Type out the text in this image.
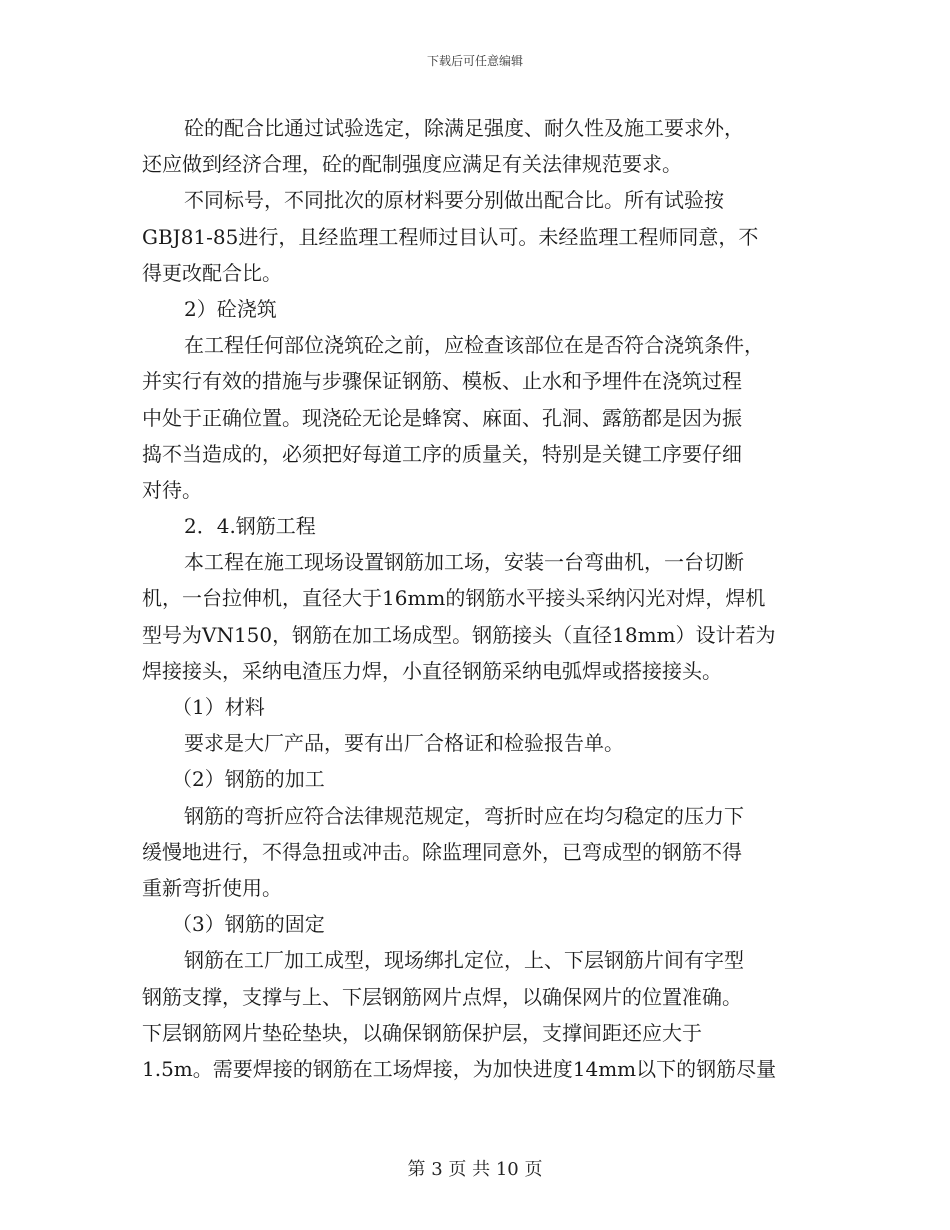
下载后可任意编辑
砼的配合比通过试验选定，除满足强度、耐久性及施工要求外，
还应做到经济合理，砼的配制强度应满足有关法律规范要求。
不同标号，不同批次的原材料要分别做出配合比。所有试验按
GBJ81-85进行，且经监理工程师过目认可。未经监理工程师同意，不
得更改配合比。
2）砼浇筑
在工程任何部位浇筑砼之前，应检查该部位在是否符合浇筑条件，
并实行有效的措施与步骤保证钢筋、模板、止水和予埋件在浇筑过程
中处于正确位置。现浇砼无论是蜂窝、麻面、孔洞、露筋都是因为振
捣不当造成的，必须把好每道工序的质量关，特别是关键工序要仔细
对待。
2．4.钢筋工程
本工程在施工现场设置钢筋加工场，安装一台弯曲机，一台切断
机，一台拉伸机，直径大于16mm的钢筋水平接头采纳闪光对焊，焊机
型号为VN150，钢筋在加工场成型。钢筋接头（直径18mm）设计若为
焊接接头，采纳电渣压力焊，小直径钢筋采纳电弧焊或搭接接头。
（1）材料
要求是大厂产品，要有出厂合格证和检验报告单。
（2）钢筋的加工
钢筋的弯折应符合法律规范规定，弯折时应在均匀稳定的压力下
缓慢地进行，不得急扭或冲击。除监理同意外，已弯成型的钢筋不得
重新弯折使用。
（3）钢筋的固定
钢筋在工厂加工成型，现场绑扎定位，上、下层钢筋片间有字型
钢筋支撑，支撑与上、下层钢筋网片点焊，以确保网片的位置准确。
下层钢筋网片垫砼垫块，以确保钢筋保护层，支撑间距还应大于
1.5m。需要焊接的钢筋在工场焊接，为加快进度14mm以下的钢筋尽量
第 3 页 共 10 页
